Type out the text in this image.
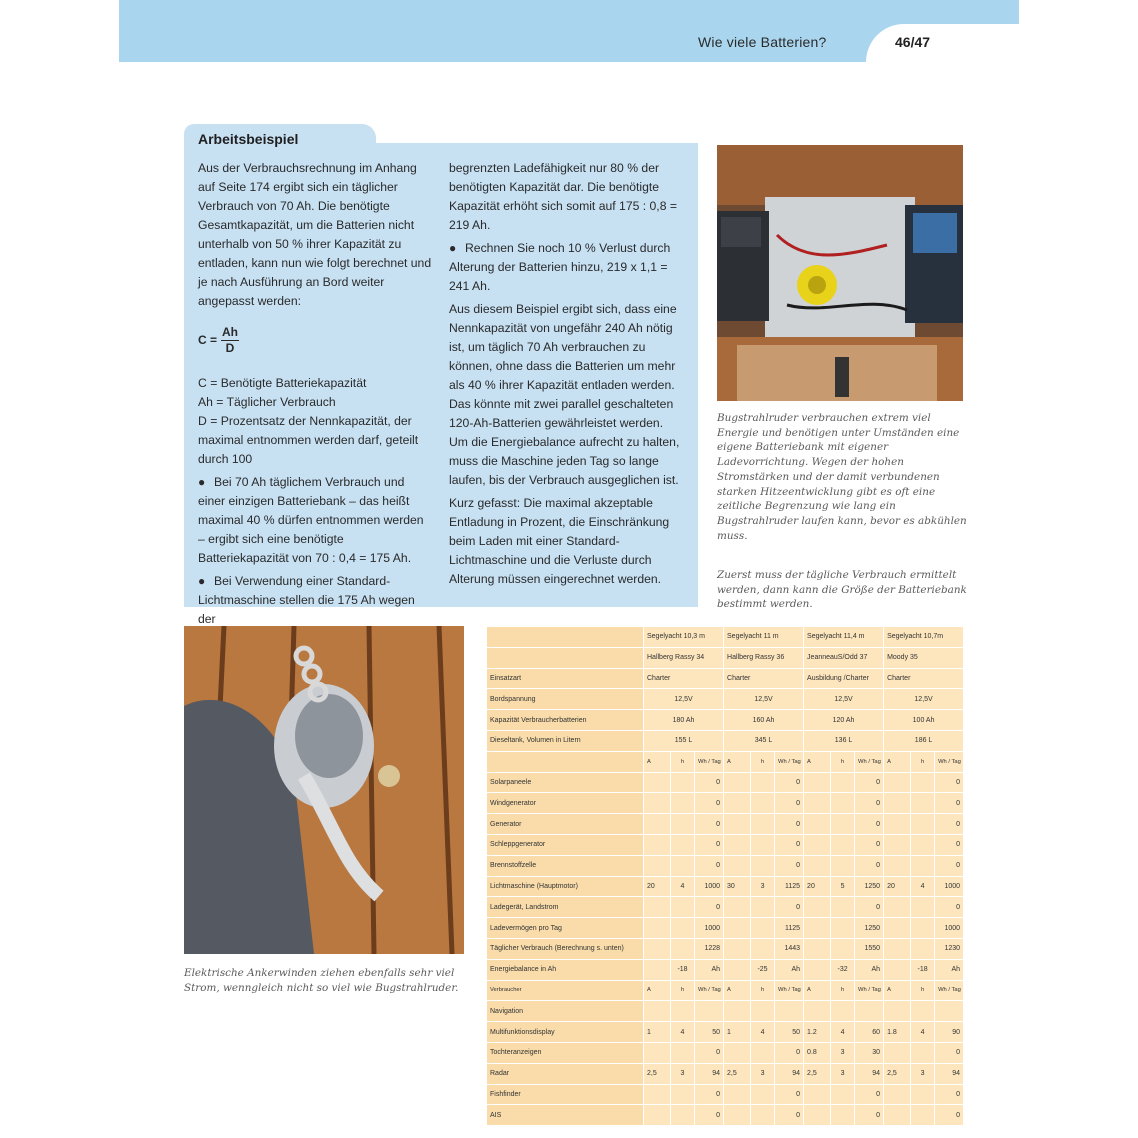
Wie viele Batterien?	46/47
Arbeitsbeispiel

Aus der Verbrauchsrechnung im Anhang auf Seite 174 ergibt sich ein täglicher Verbrauch von 70 Ah. Die benötigte Gesamtkapazität, um die Batterien nicht unterhalb von 50 % ihrer Kapazität zu entladen, kann nun wie folgt berechnet und je nach Ausführung an Bord weiter angepasst werden:

$C = \frac{Ah}{D}$
C = Benötigte Batteriekapazität
Ah = Täglicher Verbrauch

D = Prozentsatz der Nennkapazität, der maximal entnommen werden darf, geteilt durch 100

● Bei 70 Ah täglichem Verbrauch und einer einzigen Batteriebank – das heißt maximal 40 % dürfen entnommen werden – ergibt sich eine benötigte Batteriekapazität von 70 : 0,4 = 175 Ah.

● Bei Verwendung einer Standard-Lichtmaschine stellen die 175 Ah wegen der

begrenzten Ladefähigkeit nur 80 % der benötigten Kapazität dar. Die benötigte Kapazität erhöht sich somit auf 175 : 0,8 = 219 Ah.

● Rechnen Sie noch 10 % Verlust durch Alterung der Batterien hinzu, 219 x 1,1 = 241 Ah.

Aus diesem Beispiel ergibt sich, dass eine Nennkapazität von ungefähr 240 Ah nötig ist, um täglich 70 Ah verbrauchen zu können, ohne dass die Batterien um mehr als 40 % ihrer Kapazität entladen werden. Das könnte mit zwei parallel geschalteten 120-Ah-Batterien gewährleistet werden. Um die Energiebalance aufrecht zu halten, muss die Maschine jeden Tag so lange laufen, bis der Verbrauch ausgeglichen ist.

Kurz gefasst: Die maximal akzeptable Entladung in Prozent, die Einschränkung beim Laden mit einer Standard-Lichtmaschine und die Verluste durch Alterung müssen eingerechnet werden.

Bugstrahlruder verbrauchen extrem viel Energie und benötigen unter Umständen eine eigene Batteriebank mit eigener Ladevorrichtung. Wegen der hohen Stromstärken und der damit verbundenen starken Hitzeentwicklung gibt es oft eine zeitliche Begrenzung wie lang ein Bugstrahlruder laufen kann, bevor es abkühlen muss.
Zuerst muss der tägliche Verbrauch ermittelt werden, dann kann die Größe der Batteriebank bestimmt werden.
Elektrische Ankerwinden ziehen ebenfalls sehr viel Strom, wenngleich nicht so viel wie Bugstrahlruder.
	Segelyacht 10,3 m			Segelyacht 11 m			Segelyacht 11,4 m			Segelyacht 10,7m		
	Hallberg Rassy 34			Hallberg Rassy 36			JeanneauS/Odd 37			Moody 35		
Einsatzart	Charter			Charter			Ausbildung /Charter			Charter		
Bordspannung	12,5V			12,5V			12,5V			12,5V		
Kapazität Verbraucherbatterien	180 Ah			160 Ah			120 Ah			100 Ah		
Dieseltank, Volumen in Litern	155 L			345 L			136 L			186 L		
	A	h	Wh / Tag	A	h	Wh / Tag	A	h	Wh / Tag	A	h	Wh / Tag
Solarpaneele			0			0			0			0
Windgenerator			0			0			0			0
Generator			0			0			0			0
Schleppgenerator			0			0			0			0
Brennstoffzelle			0			0			0			0
Lichtmaschine (Hauptmotor)	20	4	1000	30	3	1125	20	5	1250	20	4	1000
Ladegerät, Landstrom			0			0			0			0
Ladevermögen pro Tag			1000			1125			1250			1000
Täglicher Verbrauch (Berechnung s. unten)			1228			1443			1550			1230
Energiebalance in Ah		-18	Ah		-25	Ah		-32	Ah		-18	Ah
Verbraucher	A	h	Wh / Tag	A	h	Wh / Tag	A	h	Wh / Tag	A	h	Wh / Tag
Navigation												
Multifunktionsdisplay	1	4	50	1	4	50	1.2	4	60	1.8	4	90
Tochteranzeigen			0			0	0.8	3	30			0
Radar	2,5	3	94	2,5	3	94	2,5	3	94	2,5	3	94
Fishfinder			0			0			0			0
AIS			0			0			0			0
